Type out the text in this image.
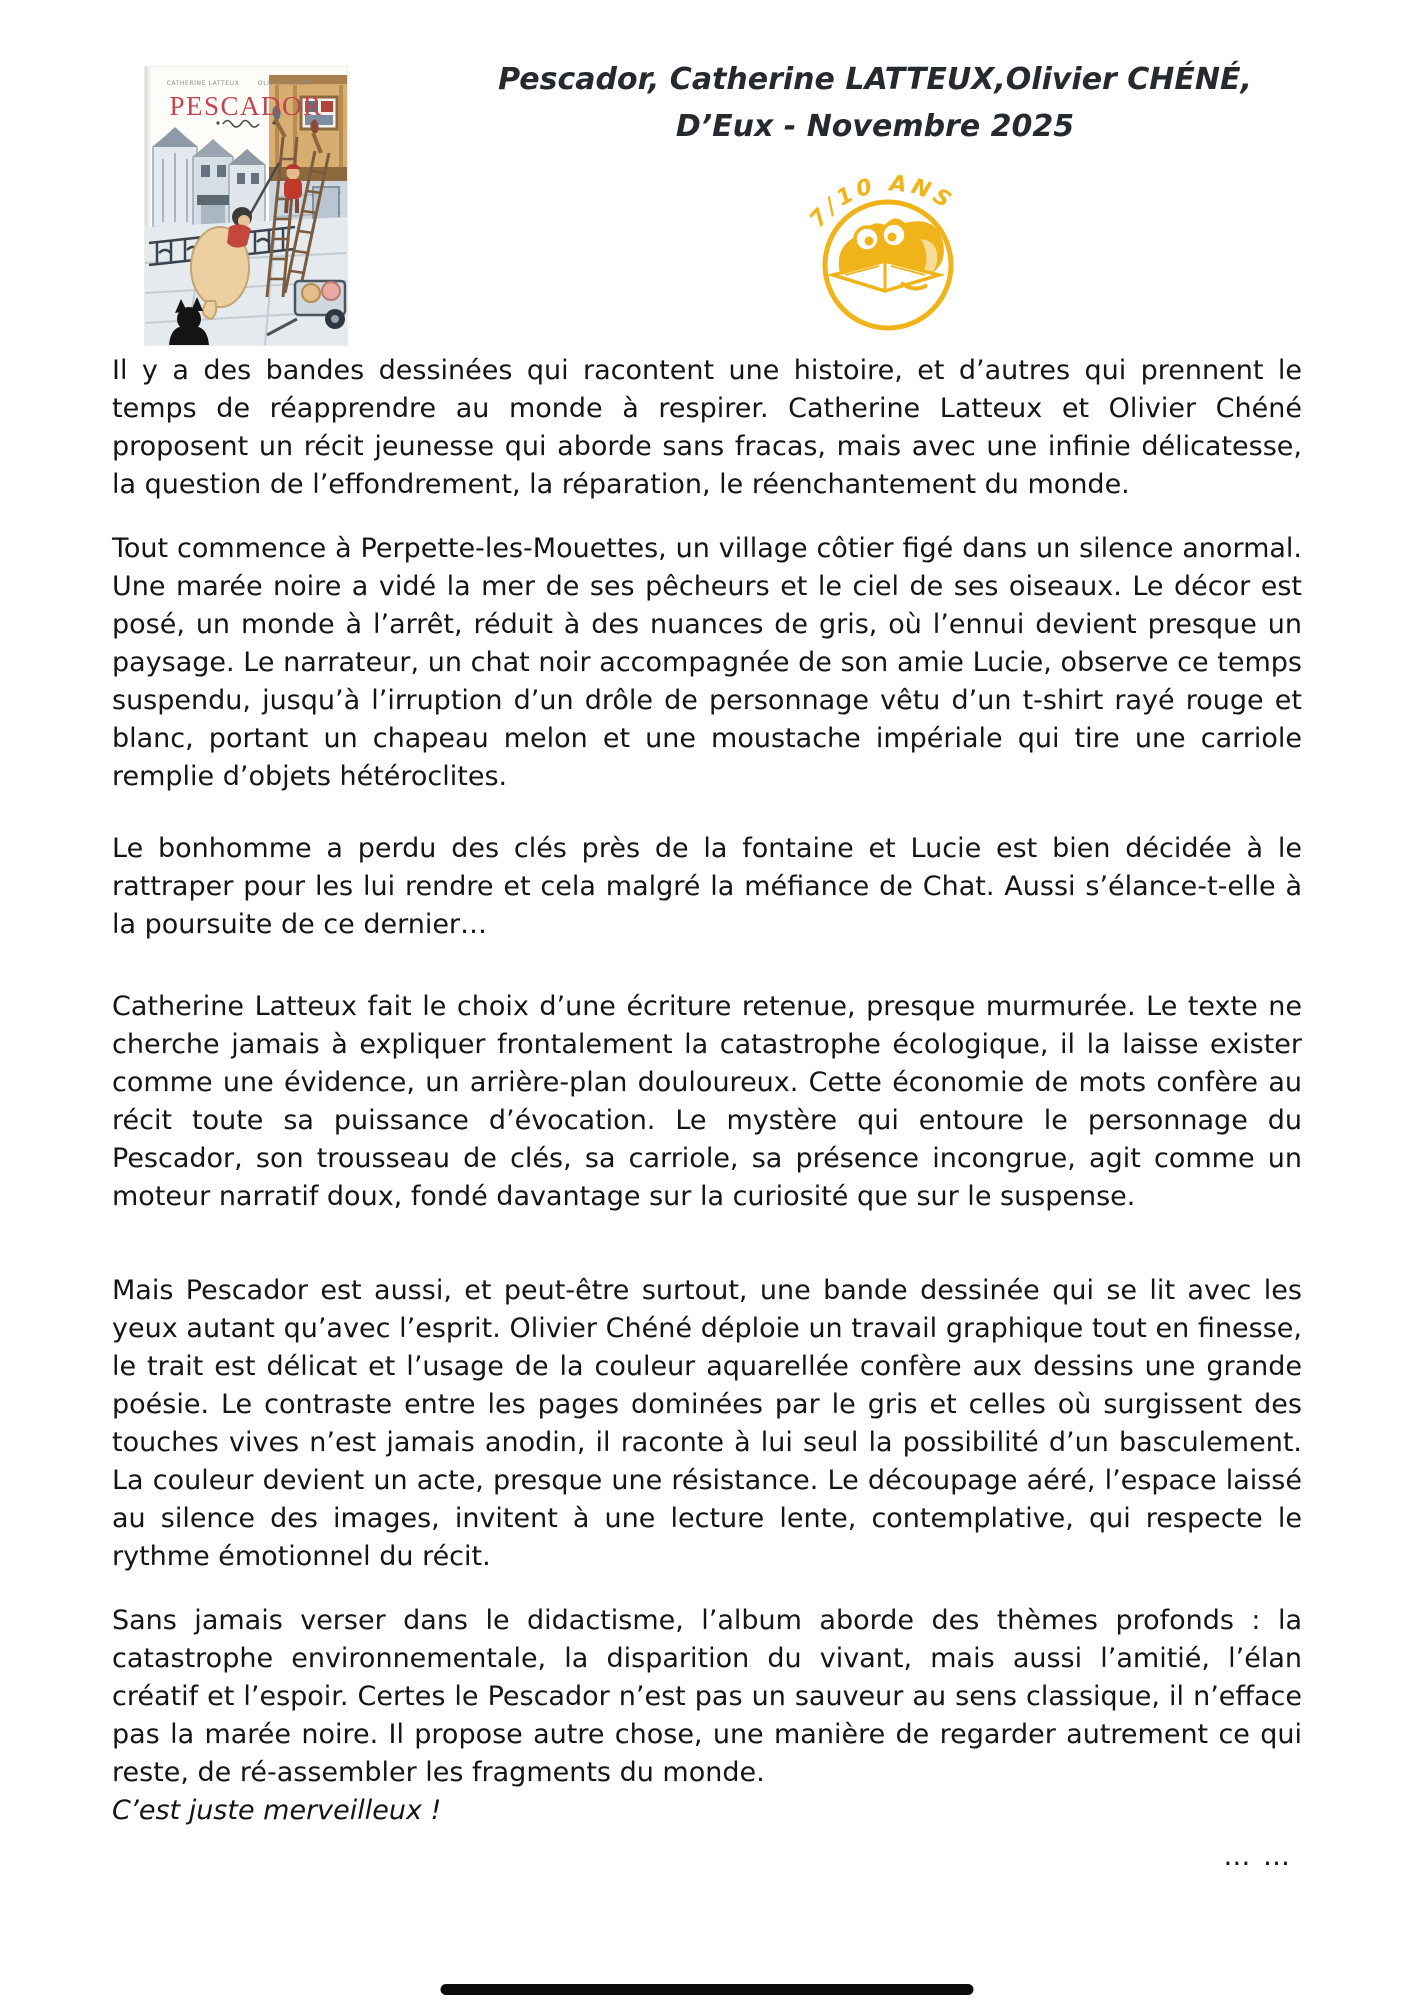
CATHERINE LATTEUX	OLIVIER CHÉNÉ
PESCADOR
Pescador, Catherine LATTEUX,Olivier CHÉNÉ,
D’Eux - Novembre 2025
7/10 ANS

Il y a des bandes dessinées qui racontent une histoire, et d’autres qui prennent le temps de réapprendre au monde à respirer. Catherine Latteux et Olivier Chéné proposent un récit jeunesse qui aborde sans fracas, mais avec une infinie délicatesse, la question de l’effondrement, la réparation, le réenchantement du monde.

Tout commence à Perpette-les-Mouettes, un village côtier figé dans un silence anormal. Une marée noire a vidé la mer de ses pêcheurs et le ciel de ses oiseaux. Le décor est posé, un monde à l’arrêt, réduit à des nuances de gris, où l’ennui devient presque un paysage. Le narrateur, un chat noir accompagnée de son amie Lucie, observe ce temps suspendu, jusqu’à l’irruption d’un drôle de personnage vêtu d’un t-shirt rayé rouge et blanc, portant un chapeau melon et une moustache impériale qui tire une carriole remplie d’objets hétéroclites.

Le bonhomme a perdu des clés près de la fontaine et Lucie est bien décidée à le rattraper pour les lui rendre et cela malgré la méfiance de Chat. Aussi s’élance-t-elle à la poursuite de ce dernier…

Catherine Latteux fait le choix d’une écriture retenue, presque murmurée. Le texte ne cherche jamais à expliquer frontalement la catastrophe écologique, il la laisse exister comme une évidence, un arrière-plan douloureux. Cette économie de mots confère au récit toute sa puissance d’évocation. Le mystère qui entoure le personnage du Pescador, son trousseau de clés, sa carriole, sa présence incongrue, agit comme un moteur narratif doux, fondé davantage sur la curiosité que sur le suspense.

Mais Pescador est aussi, et peut-être surtout, une bande dessinée qui se lit avec les yeux autant qu’avec l’esprit. Olivier Chéné déploie un travail graphique tout en finesse, le trait est délicat et l’usage de la couleur aquarellée confère aux dessins une grande poésie. Le contraste entre les pages dominées par le gris et celles où surgissent des touches vives n’est jamais anodin, il raconte à lui seul la possibilité d’un basculement. La couleur devient un acte, presque une résistance. Le découpage aéré, l’espace laissé au silence des images, invitent à une lecture lente, contemplative, qui respecte le rythme émotionnel du récit.

Sans jamais verser dans le didactisme, l’album aborde des thèmes profonds : la catastrophe environnementale, la disparition du vivant, mais aussi l’amitié, l’élan créatif et l’espoir. Certes le Pescador n’est pas un sauveur au sens classique, il n’efface pas la marée noire. Il propose autre chose, une manière de regarder autrement ce qui reste, de ré-assembler les fragments du monde.

C’est juste merveilleux !

… …
